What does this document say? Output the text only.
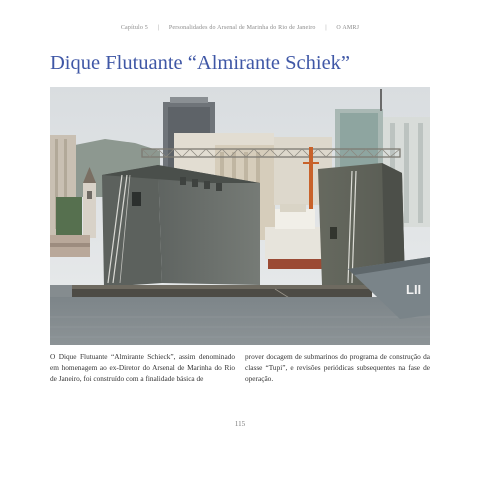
Capítulo 5 | Personalidades do Arsenal de Marinha do Rio de Janeiro | O AMRJ
Dique Flutuante “Almirante Schiek”
LII

O Dique Flutuante “Almirante Schieck”, assim denominado em homenagem ao ex-Diretor do Arsenal de Marinha do Rio de Janeiro, foi construído com a finalidade básica de

prover docagem de submarinos do programa de construção da classe “Tupi”, e revisões periódicas subsequentes na fase de operação.

115
